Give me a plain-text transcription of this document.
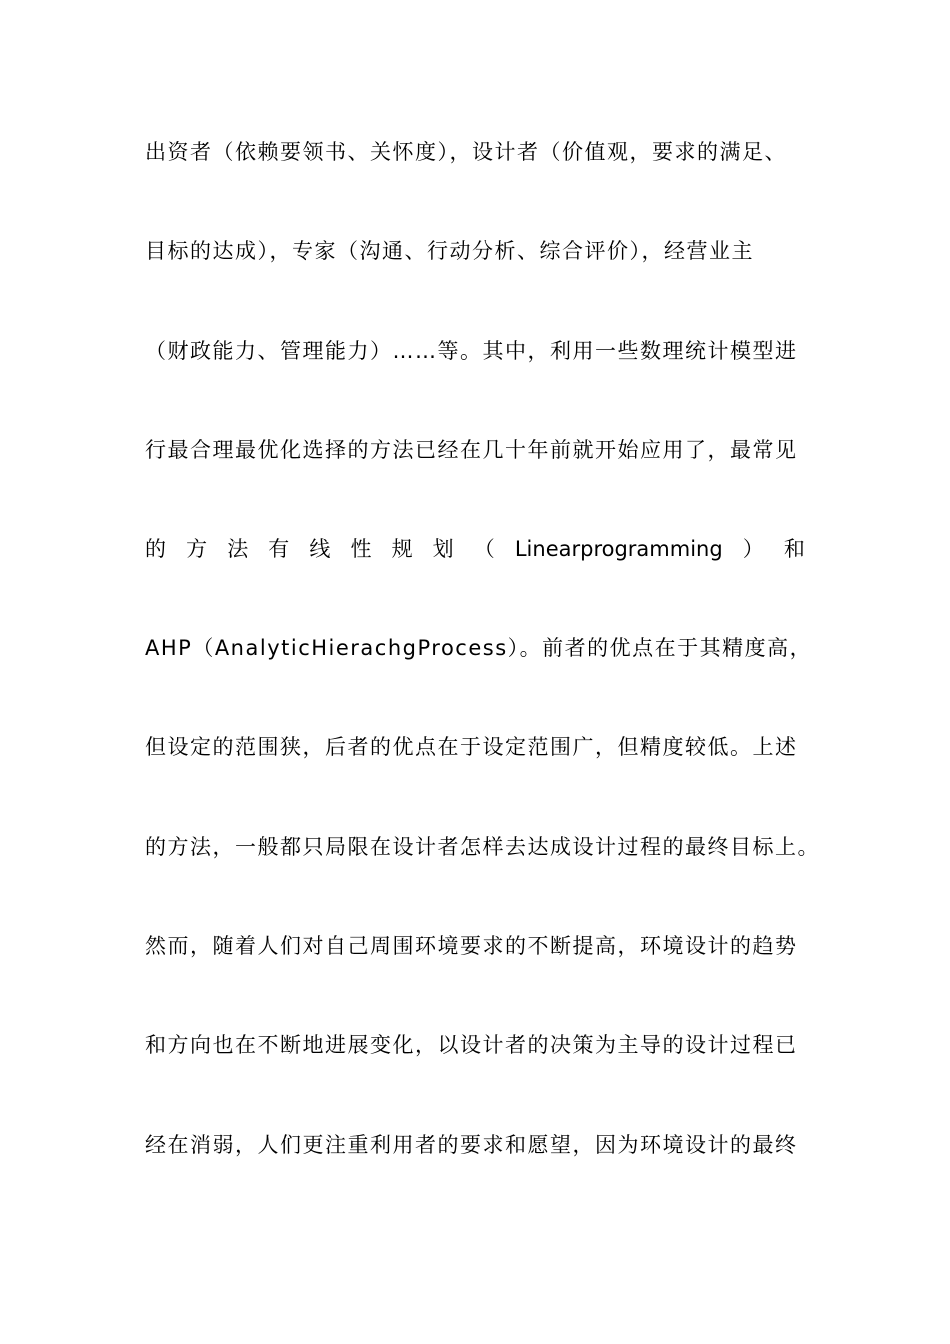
出资者（依赖要领书、关怀度），设计者（价值观，要求的满足、
目标的达成），专家（沟通、行动分析、综合评价），经营业主
（财政能力、管理能力）……等。其中，利用一些数理统计模型进
行最合理最优化选择的方法已经在几十年前就开始应用了，最常见
的 方 法 有 线 性 规 划 （ Linearprogramming ） 和
AHP（AnalyticHierachgProcess）。前者的优点在于其精度高，
但设定的范围狭，后者的优点在于设定范围广，但精度较低。上述
的方法，一般都只局限在设计者怎样去达成设计过程的最终目标上。
然而，随着人们对自己周围环境要求的不断提高，环境设计的趋势
和方向也在不断地进展变化，以设计者的决策为主导的设计过程已
经在消弱，人们更注重利用者的要求和愿望，因为环境设计的最终
